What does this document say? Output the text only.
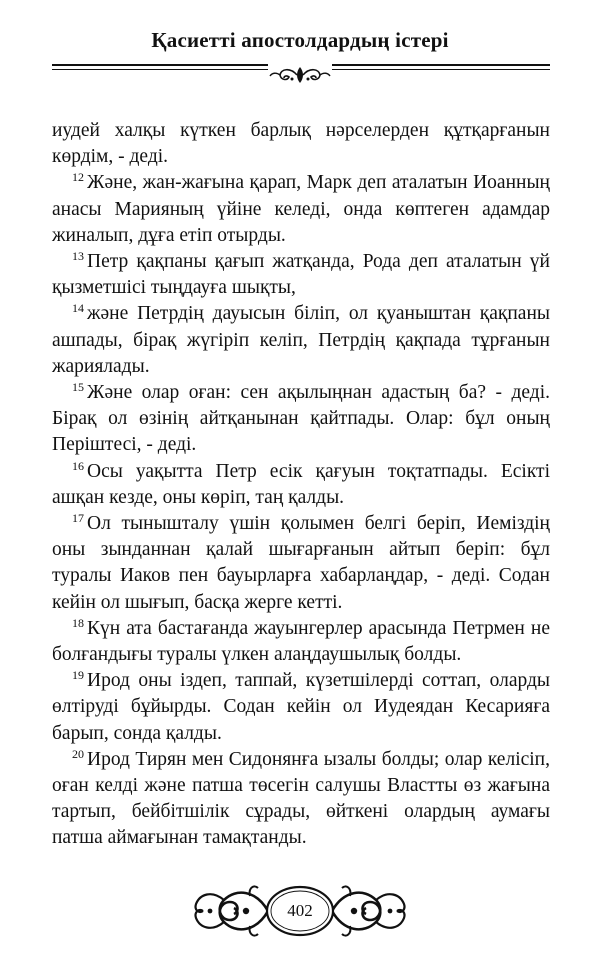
Қасиетті апостолдардың істері

иудей халқы күткен барлық нәрселерден құтқарғанын көрдім, - деді.

$^{12}$ Және, жан-жағына қарап, Марк деп аталатын Иоанның анасы Марияның үйіне келеді, онда көптеген адамдар жиналып, дұға етіп отырды.

$^{13}$ Петр қақпаны қағып жатқанда, Рода деп аталатын үй қызметшісі тыңдауға шықты,

$^{14}$ және Петрдің дауысын біліп, ол қуаныштан қақпаны ашпады, бірақ жүгіріп келіп, Петрдің қақпада тұрғанын жариялады.

$^{15}$ Және олар оған: сен ақылыңнан адастың ба? - деді. Бірақ ол өзінің айтқанынан қайтпады. Олар: бұл оның Періштесі, - деді.

$^{16}$ Осы уақытта Петр есік қағуын тоқтатпады. Есікті ашқан кезде, оны көріп, таң қалды.

$^{17}$ Ол тынышталу үшін қолымен белгі беріп, Иеміздің оны зынданнан қалай шығарғанын айтып беріп: бұл туралы Иаков пен бауырларға хабарлаңдар, - деді. Содан кейін ол шығып, басқа жерге кетті.

$^{18}$ Күн ата бастағанда жауынгерлер арасында Петрмен не болғандығы туралы үлкен алаңдаушылық болды.

$^{19}$ Ирод оны іздеп, таппай, күзетшілерді соттап, оларды өлтіруді бұйырды. Содан кейін ол Иудеядан Кесарияға барып, сонда қалды.

$^{20}$ Ирод Тирян мен Сидонянға ызалы болды; олар келісіп, оған келді және патша төсегін салушы Властты өз жағына тартып, бейбітшілік сұрады, өйткені олардың аумағы патша аймағынан тамақтанды.

402
